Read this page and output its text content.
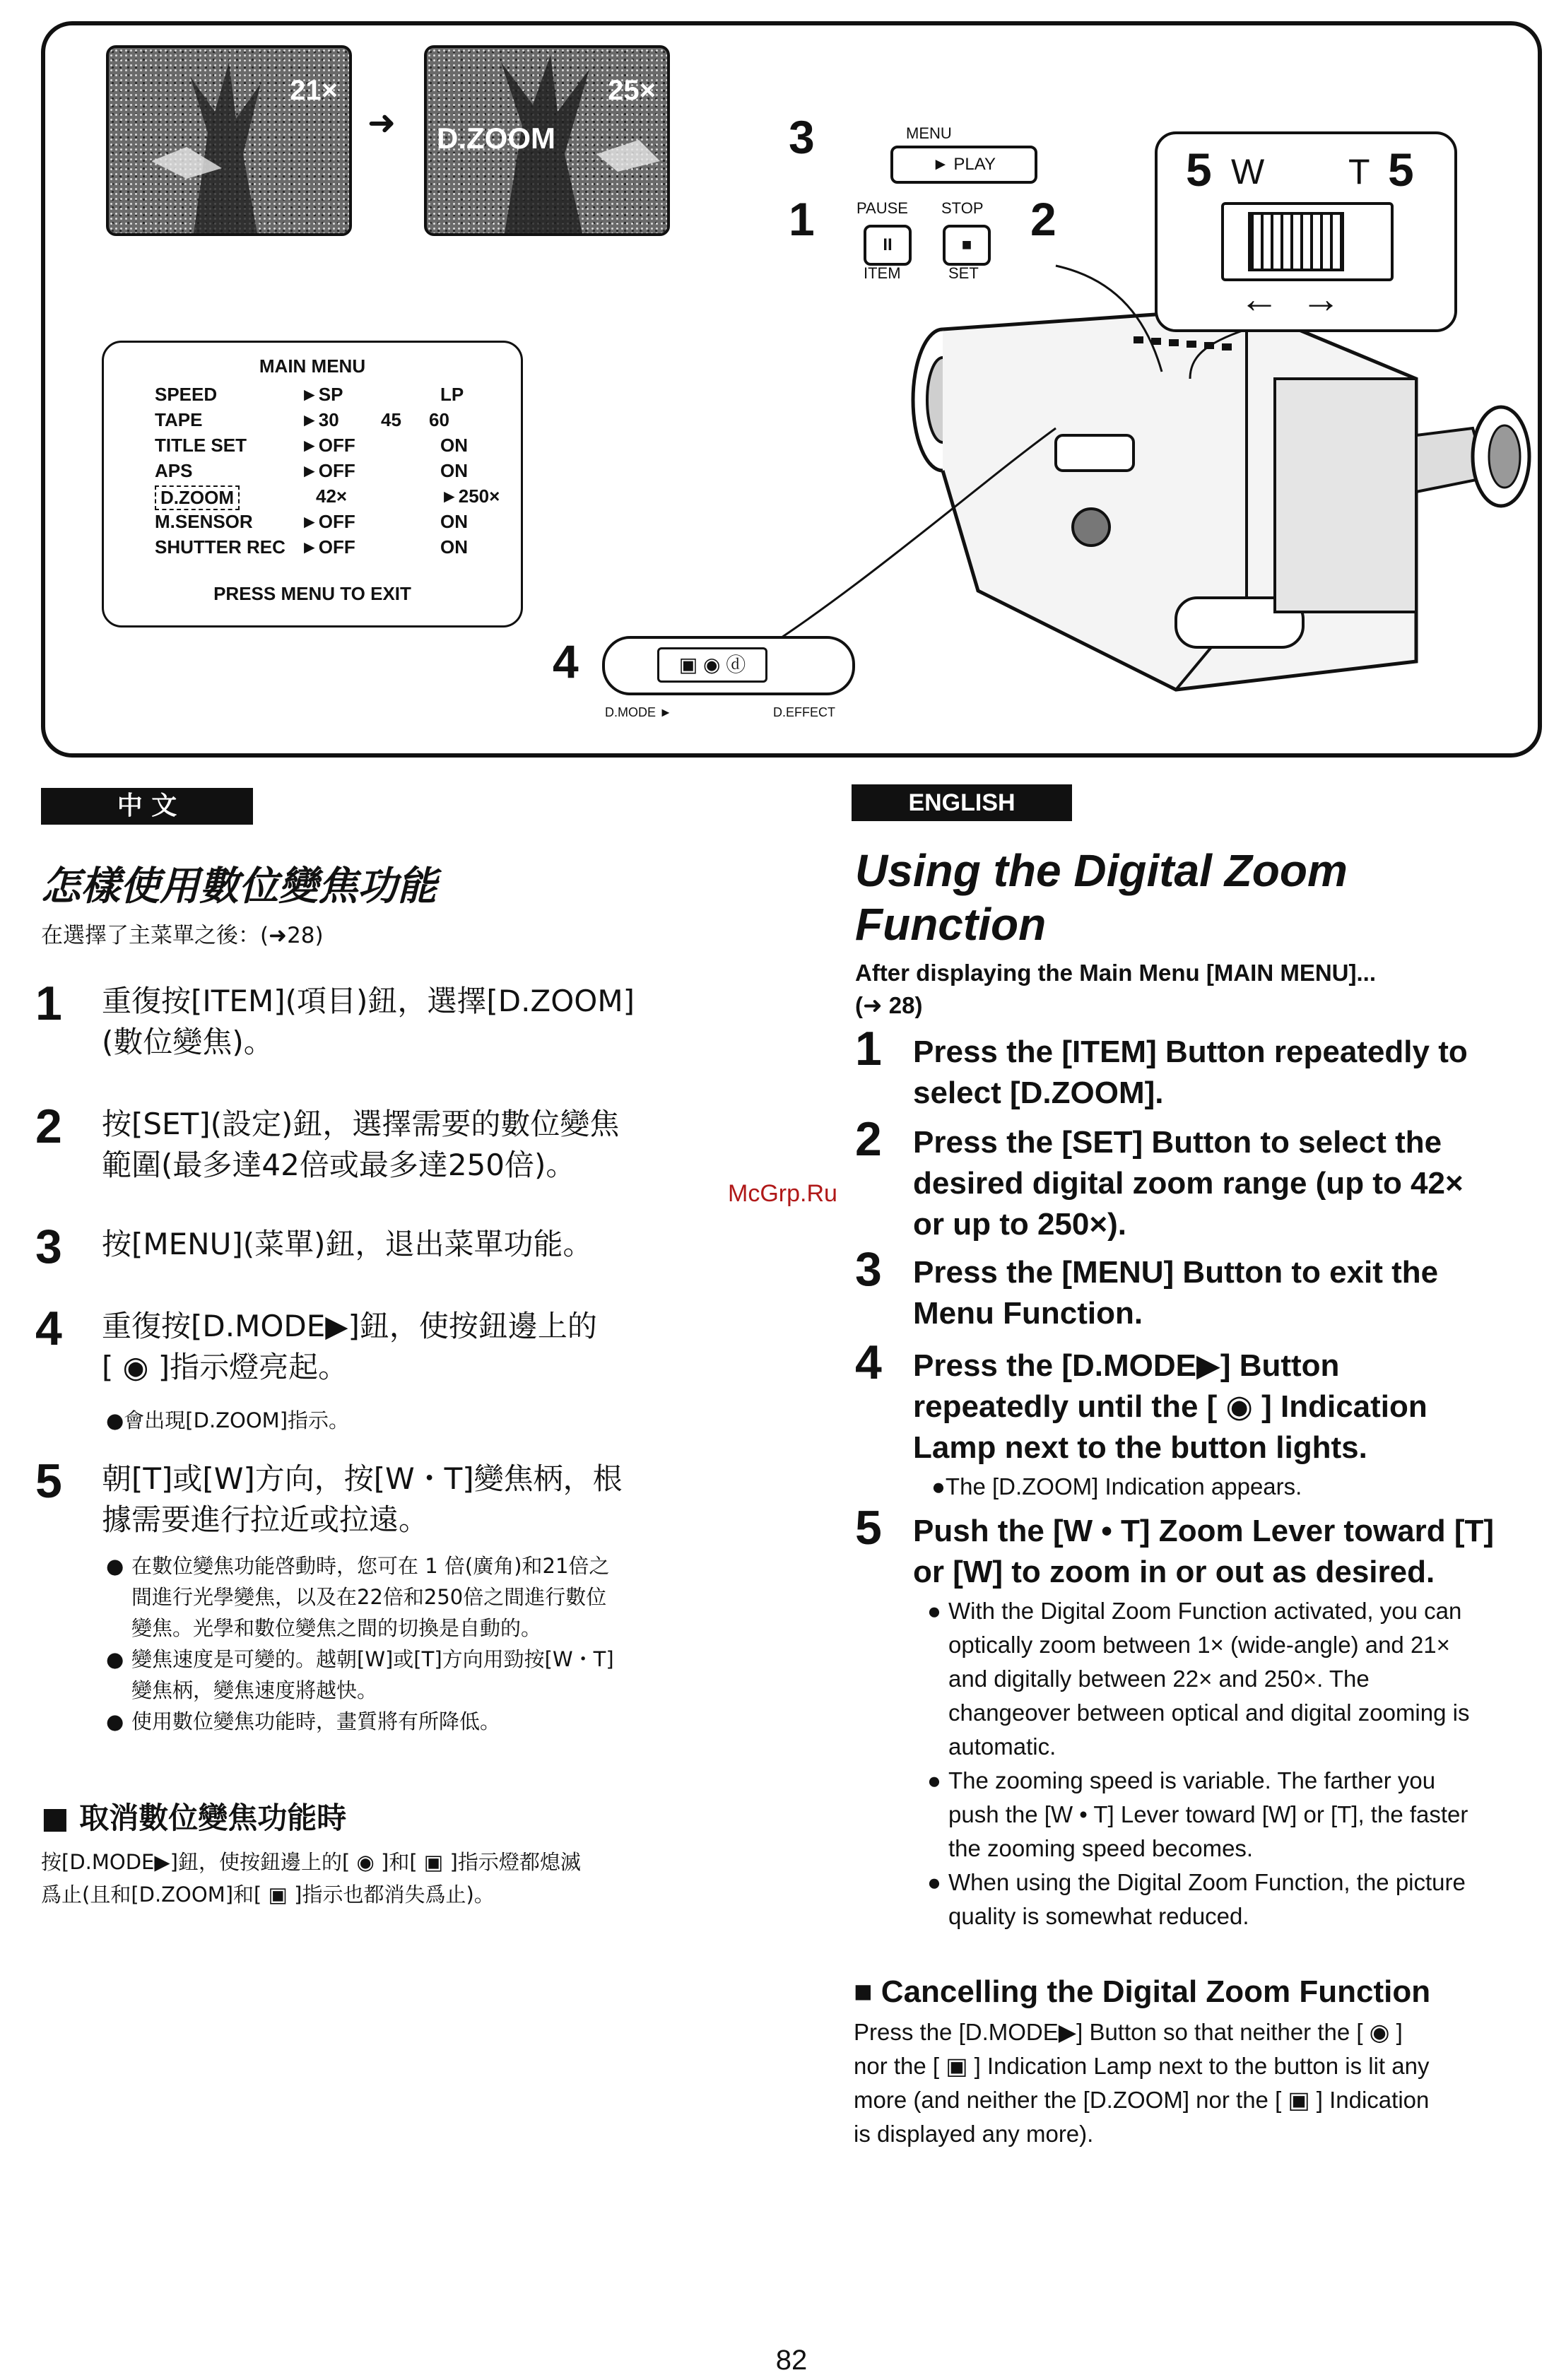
21×
➜
25×
D.ZOOM
MAIN MENU
SPEED	►SP	LP
TAPE	►30 45 60
TITLE SET	►OFF	ON
APS	►OFF	ON
D.ZOOM	42×	►250×
M.SENSOR	►OFF	ON
SHUTTER REC ►OFF	ON
PRESS MENU TO EXIT
3	MENU
► PLAY
1	PAUSE
II
ITEM
STOP
■
SET
2
5 W T 5
←  →
4	▣ ◉ ⓓ
D.MODE ►	D.EFFECT
中 文
怎樣使用數位變焦功能
在選擇了主菜單之後：(➜28)
1 重復按[ITEM](項目)鈕，選擇[D.ZOOM]
(數位變焦)。
2 按[SET](設定)鈕，選擇需要的數位變焦
範圍(最多達42倍或最多達250倍)。
3 按[MENU](菜單)鈕，退出菜單功能。
4 重復按[D.MODE▶]鈕，使按鈕邊上的
[ ◉ ]指示燈亮起。
●會出現[D.ZOOM]指示。
5 朝[T]或[W]方向，按[W・T]變焦柄，根
據需要進行拉近或拉遠。
● 在數位變焦功能啓動時，您可在 1 倍(廣角)和21倍之
間進行光學變焦，以及在22倍和250倍之間進行數位
變焦。光學和數位變焦之間的切換是自動的。
● 變焦速度是可變的。越朝[W]或[T]方向用勁按[W・T]
變焦柄，變焦速度將越快。
● 使用數位變焦功能時，畫質將有所降低。
■ 取消數位變焦功能時
按[D.MODE▶]鈕，使按鈕邊上的[ ◉ ]和[ ▣ ]指示燈都熄滅
爲止(且和[D.ZOOM]和[ ▣ ]指示也都消失爲止)。
McGrp.Ru
ENGLISH
Using the Digital Zoom
Function
After displaying the Main Menu [MAIN MENU]...
(➜ 28)
1 Press the [ITEM] Button repeatedly to
select [D.ZOOM].
2 Press the [SET] Button to select the
desired digital zoom range (up to 42×
or up to 250×).
3 Press the [MENU] Button to exit the
Menu Function.
4 Press the [D.MODE▶] Button
repeatedly until the [ ◉ ] Indication
Lamp next to the button lights.
●The [D.ZOOM] Indication appears.
5 Push the [W • T] Zoom Lever toward [T]
or [W] to zoom in or out as desired.
● With the Digital Zoom Function activated, you can
optically zoom between 1× (wide-angle) and 21×
and digitally between 22× and 250×. The
changeover between optical and digital zooming is
automatic.
● The zooming speed is variable. The farther you
push the [W • T] Lever toward [W] or [T], the faster
the zooming speed becomes.
● When using the Digital Zoom Function, the picture
quality is somewhat reduced.
■ Cancelling the Digital Zoom Function
Press the [D.MODE▶] Button so that neither the [ ◉ ]
nor the [ ▣ ] Indication Lamp next to the button is lit any
more (and neither the [D.ZOOM] nor the [ ▣ ] Indication
is displayed any more).
82
